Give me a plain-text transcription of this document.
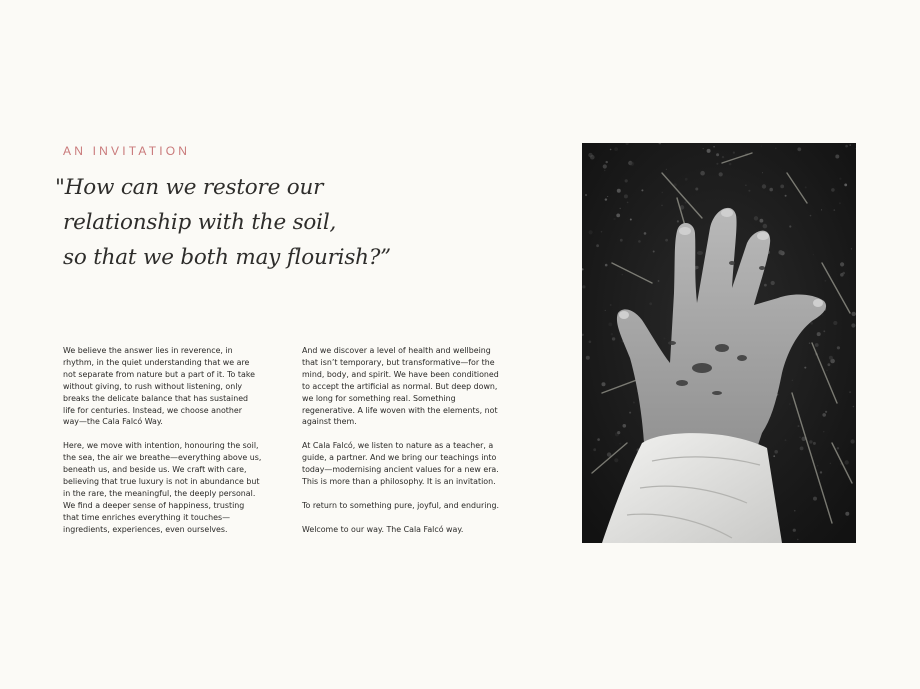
AN INVITATION
"How can we restore our
relationship with the soil,
so that we both may flourish?”

We believe the answer lies in reverence, in
rhythm, in the quiet understanding that we are
not separate from nature but a part of it. To take
without giving, to rush without listening, only
breaks the delicate balance that has sustained
life for centuries. Instead, we choose another
way—the Cala Falcó Way.

Here, we move with intention, honouring the soil,
the sea, the air we breathe—everything above us,
beneath us, and beside us. We craft with care,
believing that true luxury is not in abundance but
in the rare, the meaningful, the deeply personal.
We find a deeper sense of happiness, trusting
that time enriches everything it touches—
ingredients, experiences, even ourselves.

And we discover a level of health and wellbeing
that isn’t temporary, but transformative—for the
mind, body, and spirit. We have been conditioned
to accept the artificial as normal. But deep down,
we long for something real. Something
regenerative. A life woven with the elements, not
against them.

At Cala Falcó, we listen to nature as a teacher, a
guide, a partner. And we bring our teachings into
today—modernising ancient values for a new era.
This is more than a philosophy. It is an invitation.

To return to something pure, joyful, and enduring.

Welcome to our way. The Cala Falcó way.
